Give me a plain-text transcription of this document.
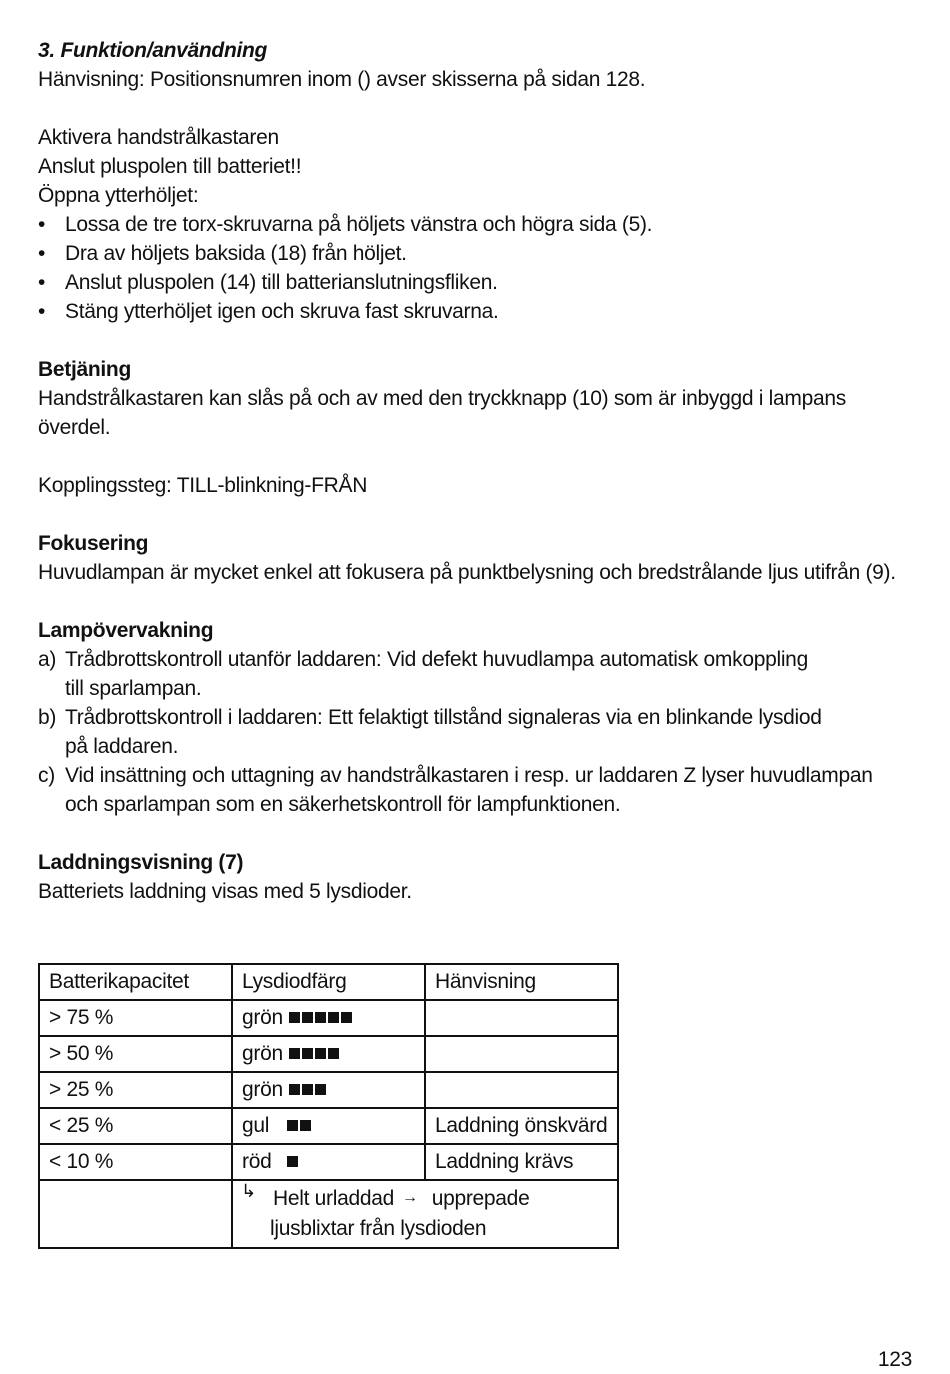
3. Funktion/användning
Hänvisning: Positionsnumren inom () avser skisserna på sidan 128.
Aktivera handstrålkastaren
Anslut pluspolen till batteriet!!
Öppna ytterhöljet:
• Lossa de tre torx-skruvarna på höljets vänstra och högra sida (5).
• Dra av höljets baksida (18) från höljet.
• Anslut pluspolen (14) till batterianslutningsfliken.
• Stäng ytterhöljet igen och skruva fast skruvarna.
Betjäning
Handstrålkastaren kan slås på och av med den tryckknapp (10) som är inbyggd i lampans
överdel.
Kopplingssteg: TILL-blinkning-FRÅN
Fokusering
Huvudlampan är mycket enkel att fokusera på punktbelysning och bredstrålande ljus utifrån (9).
Lampövervakning
a) Trådbrottskontroll utanför laddaren: Vid defekt huvudlampa automatisk omkoppling
till sparlampan.
b) Trådbrottskontroll i laddaren: Ett felaktigt tillstånd signaleras via en blinkande lysdiod
på laddaren.
c) Vid insättning och uttagning av handstrålkastaren i resp. ur laddaren Z lyser huvudlampan
och sparlampan som en säkerhetskontroll för lampfunktionen.
Laddningsvisning (7)
Batteriets laddning visas med 5 lysdioder.
Batterikapacitet	Lysdiodfärg	Hänvisning
> 75 %	grön	
> 50 %	grön	
> 25 %	grön	
< 25 %	gul	Laddning önskvärd
< 10 %	röd	Laddning krävs

	↳ Helt urladdad → upprepade
ljusblixtar från lysdioden	
123
